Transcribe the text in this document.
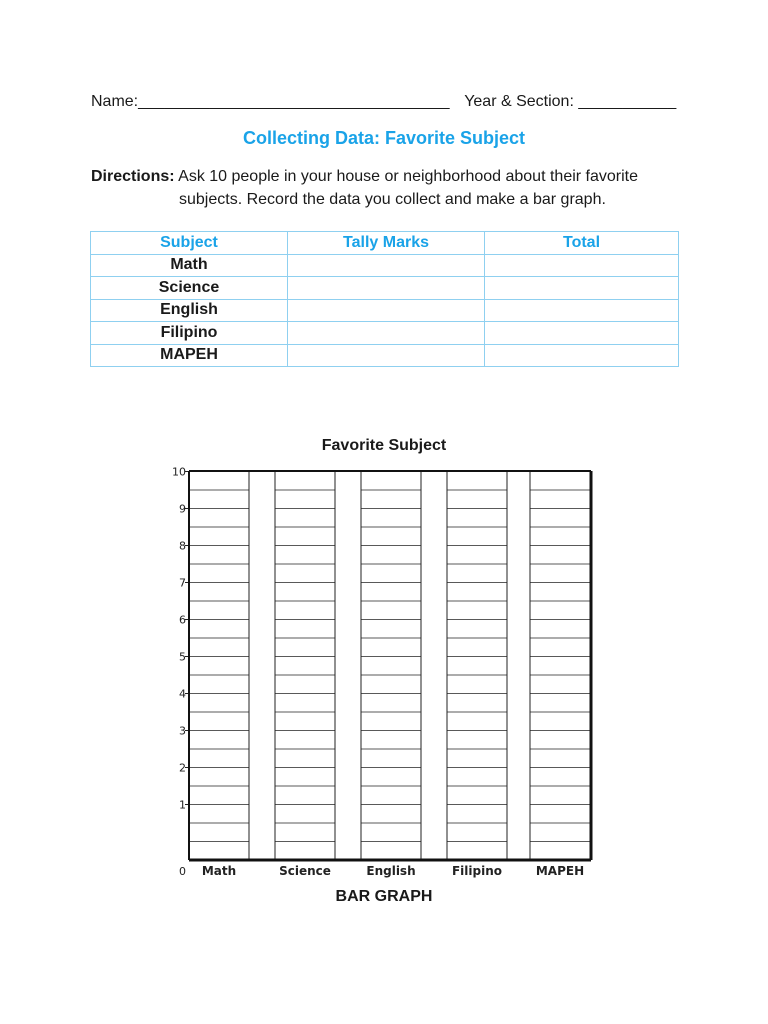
Name:___________________________________ Year & Section: ___________
Collecting Data: Favorite Subject
Directions: Ask 10 people in your house or neighborhood about their favorite

subjects. Record the data you collect and make a bar graph.
Subject	Tally Marks	Total
Math		
Science		
English		
Filipino		
MAPEH		
Favorite Subject
Math	Science	English	Filipino	MAPEH
0
1
2
3
4
5
6
7
8
9
10
BAR GRAPH
